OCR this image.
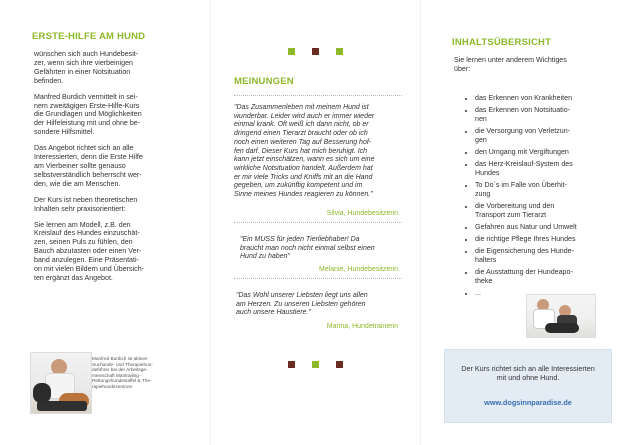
ERSTE-HILFE AM HUND
wünschen sich auch Hundebesit-
zer, wenn sich ihre vierbeinigen
Gefährten in einer Notsituation
befinden.
Manfred Burdich vermittelt in sei-
nem zweitägigen Erste-Hilfe-Kurs
die Grundlagen und Möglichkeiten
der Hilfeleistung mit und ohne be-
sondere Hilfsmittel.
Das Angebot richtet sich an alle
Interessierten, denn die Erste Hilfe
am Vierbeiner sollte genauso
selbstverständlich beherrscht wer-
den, wie die am Menschen.
Der Kurs ist neben theoretischen
Inhalten sehr praxisorientiert:
Sie lernen am Modell, z.B. den
Kreislauf des Hundes einzuschät-
zen, seinen Puls zu fühlen, den
Bauch abzutasten oder einen Ver-
band anzulegen. Eine Präsentati-
on mit vielen Bildern und Übersich-
ten ergänzt das Angebot.
Manfred Burdich ist aktiver
Suchunde- und Therapiehun-
deführer bei der Arbeitsge-
meinschaft Mantrailing -
Rettungshundestaffel & The-
rapiehundezentrum
MEINUNGEN
"Das Zusammenleben mit meinem Hund ist
wunderbar. Leider wird auch er immer wieder
einmal krank. Oft weiß ich dann nicht, ob er
dringend einen Tierarzt braucht oder ob ich
noch einen weiteren Tag auf Besserung hof-
fen darf. Dieser Kurs hat mich beruhigt. Ich
kann jetzt einschätzen, wann es sich um eine
wirkliche Notsituation handelt. Außerdem hat
er mir viele Tricks und Kniffs mit an die Hand
gegeben, um zukünftig kompetent und im
Sinne meines Hundes reagieren zu können."
Silvia, Hundebesitzerin
"Ein MUSS für jeden Tierliebhaber! Da
braucht man noch nicht einmal selbst einen
Hund zu haben"
Melanie, Hundebesitzerin
"Das Wohl unserer Liebsten liegt uns allen
am Herzen. Zu unseren Liebsten gehören
auch unsere Haustiere."
Marina, Hundetrainerin
INHALTSÜBERSICHT
Sie lernen unter anderem Wichtiges
über:
• das Erkennen von Krankheiten
• das Erkennen von Notsituatio-
nen
• die Versorgung von Verletzun-
gen
• den Umgang mit Vergiftungen
• das Herz-Kreislauf-System des
Hundes
• To Do`s im Falle von Überhit-
zung
• die Vorbereitung und den
Transport zum Tierarzt
• Gefahren aus Natur und Umwelt
• die richtige Pflege Ihres Hundes
• die Eigensicherung des Hunde-
halters
• die Ausstattung der Hundeapo-
theke
• ...
Der Kurs richtet sich an alle Interessierten
mit und ohne Hund.
www.dogsinnparadise.de
